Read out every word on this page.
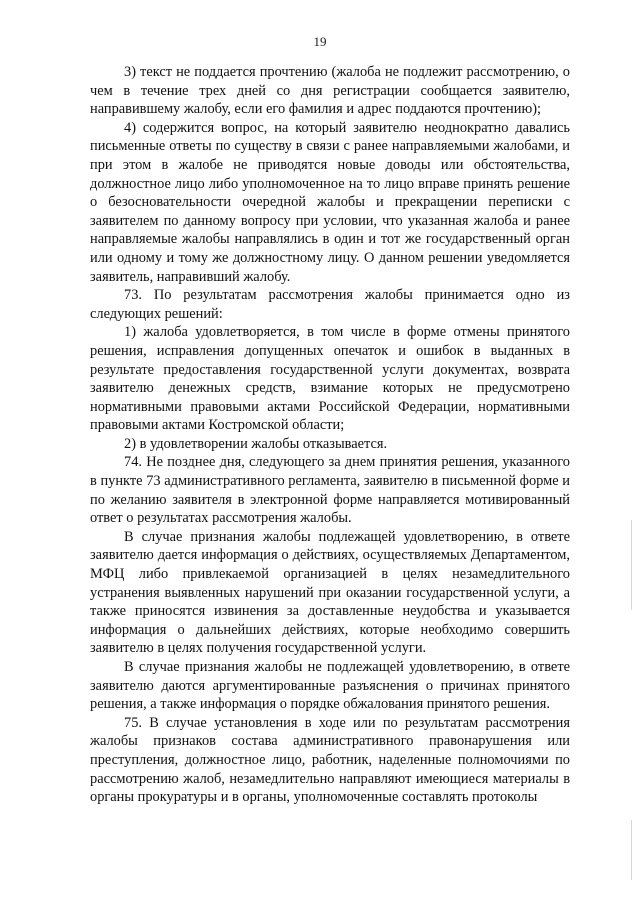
19

3) текст не поддается прочтению (жалоба не подлежит рассмотрению, о чем в течение трех дней со дня регистрации сообщается заявителю, направившему жалобу, если его фамилия и адрес поддаются прочтению);

4) содержится вопрос, на который заявителю неоднократно давались письменные ответы по существу в связи с ранее направляемыми жалобами, и при этом в жалобе не приводятся новые доводы или обстоятельства, должностное лицо либо уполномоченное на то лицо вправе принять решение о безосновательности очередной жалобы и прекращении переписки с заявителем по данному вопросу при условии, что указанная жалоба и ранее направляемые жалобы направлялись в один и тот же государственный орган или одному и тому же должностному лицу. О данном решении уведомляется заявитель, направивший жалобу.

73. По результатам рассмотрения жалобы принимается одно из следующих решений:

1) жалоба удовлетворяется, в том числе в форме отмены принятого решения, исправления допущенных опечаток и ошибок в выданных в результате предоставления государственной услуги документах, возврата заявителю денежных средств, взимание которых не предусмотрено нормативными правовыми актами Российской Федерации, нормативными правовыми актами Костромской области;

2) в удовлетворении жалобы отказывается.

74. Не позднее дня, следующего за днем принятия решения, указанного в пункте 73 административного регламента, заявителю в письменной форме и по желанию заявителя в электронной форме направляется мотивированный ответ о результатах рассмотрения жалобы.

В случае признания жалобы подлежащей удовлетворению, в ответе заявителю дается информация о действиях, осуществляемых Департаментом, МФЦ либо привлекаемой организацией в целях незамедлительного устранения выявленных нарушений при оказании государственной услуги, а также приносятся извинения за доставленные неудобства и указывается информация о дальнейших действиях, которые необходимо совершить заявителю в целях получения государственной услуги.

В случае признания жалобы не подлежащей удовлетворению, в ответе заявителю даются аргументированные разъяснения о причинах принятого решения, а также информация о порядке обжалования принятого решения.

75. В случае установления в ходе или по результатам рассмотрения жалобы признаков состава административного правонарушения или преступления, должностное лицо, работник, наделенные полномочиями по рассмотрению жалоб, незамедлительно направляют имеющиеся материалы в органы прокуратуры и в органы, уполномоченные составлять протоколы
